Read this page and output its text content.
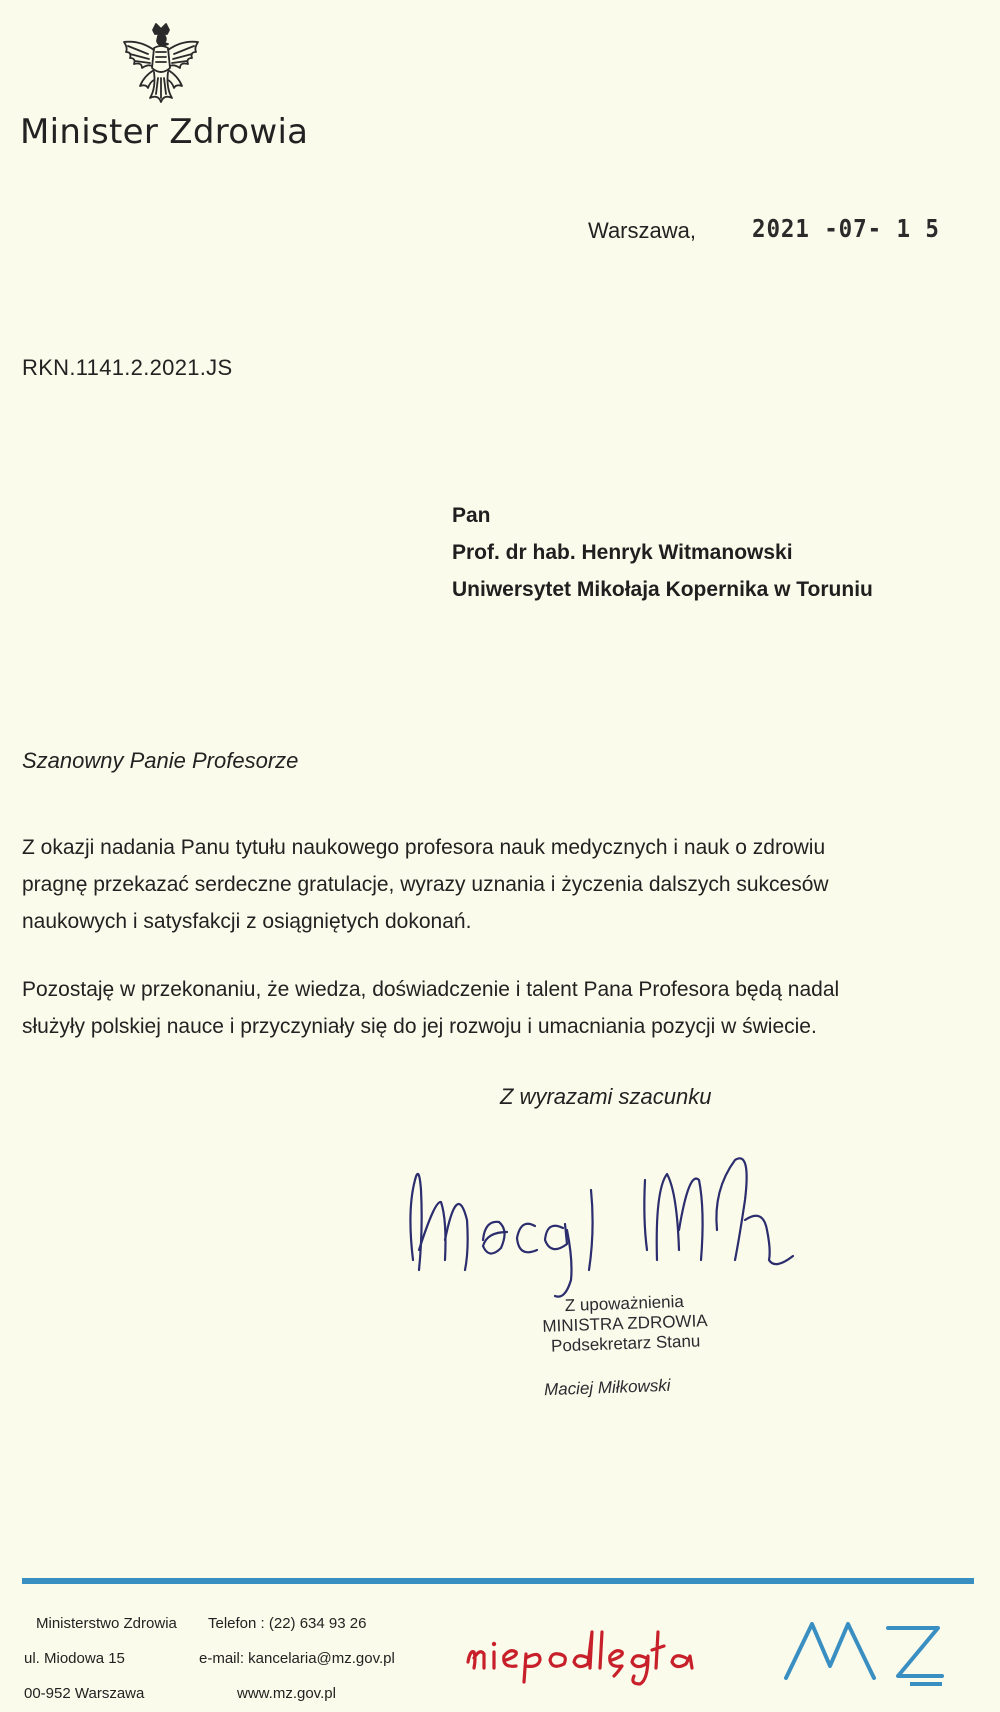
Minister Zdrowia
Warszawa, 2021 -07- 1 5
RKN.1141.2.2021.JS
Pan
Prof. dr hab. Henryk Witmanowski
Uniwersytet Mikołaja Kopernika w Toruniu
Szanowny Panie Profesorze
Z okazji nadania Panu tytułu naukowego profesora nauk medycznych i nauk o zdrowiu
pragnę przekazać serdeczne gratulacje, wyrazy uznania i życzenia dalszych sukcesów
naukowych i satysfakcji z osiągniętych dokonań.
Pozostaję w przekonaniu, że wiedza, doświadczenie i talent Pana Profesora będą nadal
służyły polskiej nauce i przyczyniały się do jej rozwoju i umacniania pozycji w świecie.
Z wyrazami szacunku
Z upoważnienia
MINISTRA ZDROWIA
Podsekretarz Stanu
Maciej Miłkowski
Ministerstwo Zdrowia
ul. Miodowa 15
00-952 Warszawa
Telefon : (22) 634 93 26
e-mail: kancelaria@mz.gov.pl
www.mz.gov.pl
